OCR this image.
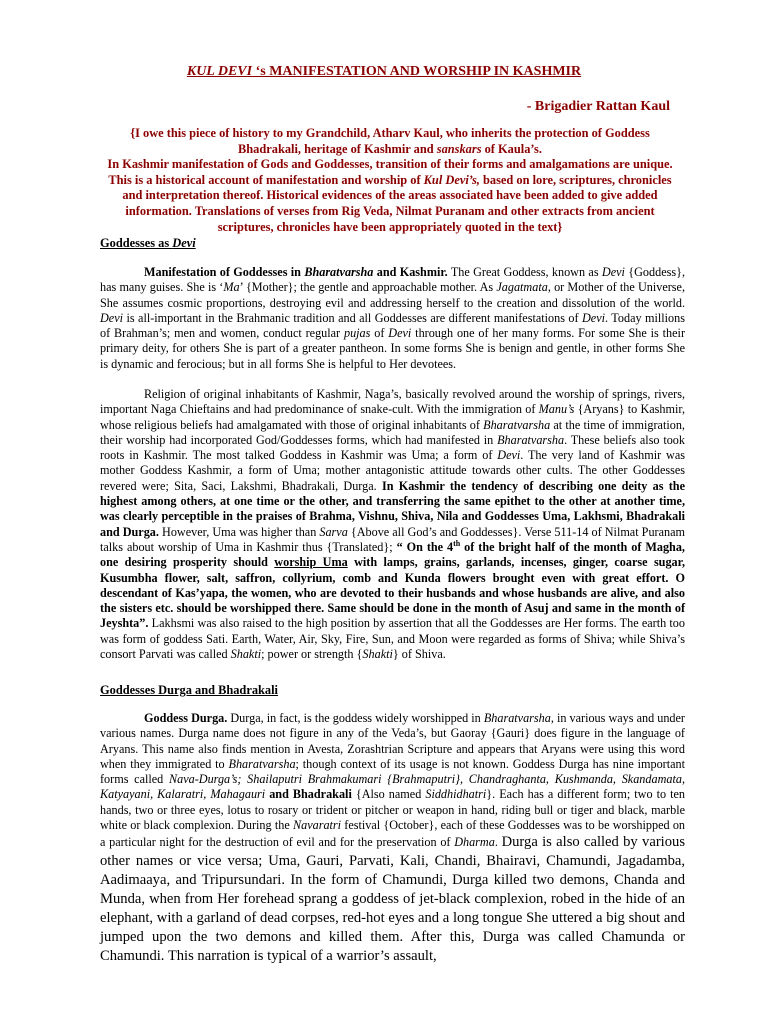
KUL DEVI ‘s MANIFESTATION AND WORSHIP IN KASHMIR
- Brigadier Rattan Kaul
{I owe this piece of history to my Grandchild, Atharv Kaul, who inherits the protection of Goddess Bhadrakali, heritage of Kashmir and sanskars of Kaula’s.
In Kashmir manifestation of Gods and Goddesses, transition of their forms and amalgamations are unique. This is a historical account of manifestation and worship of Kul Devi’s, based on lore, scriptures, chronicles and interpretation thereof. Historical evidences of the areas associated have been added to give added information. Translations of verses from Rig Veda, Nilmat Puranam and other extracts from ancient scriptures, chronicles have been appropriately quoted in the text}
Goddesses as Devi

Manifestation of Goddesses in Bharatvarsha and Kashmir. The Great Goddess, known as Devi {Goddess}, has many guises. She is ‘Ma’ {Mother}; the gentle and approachable mother. As Jagatmata, or Mother of the Universe, She assumes cosmic proportions, destroying evil and addressing herself to the creation and dissolution of the world. Devi is all-important in the Brahmanic tradition and all Goddesses are different manifestations of Devi. Today millions of Brahman’s; men and women, conduct regular pujas of Devi through one of her many forms. For some She is their primary deity, for others She is part of a greater pantheon. In some forms She is benign and gentle, in other forms She is dynamic and ferocious; but in all forms She is helpful to Her devotees.

Religion of original inhabitants of Kashmir, Naga’s, basically revolved around the worship of springs, rivers, important Naga Chieftains and had predominance of snake-cult. With the immigration of Manu’s {Aryans} to Kashmir, whose religious beliefs had amalgamated with those of original inhabitants of Bharatvarsha at the time of immigration, their worship had incorporated God/Goddesses forms, which had manifested in Bharatvarsha. These beliefs also took roots in Kashmir. The most talked Goddess in Kashmir was Uma; a form of Devi. The very land of Kashmir was mother Goddess Kashmir, a form of Uma; mother antagonistic attitude towards other cults. The other Goddesses revered were; Sita, Saci, Lakshmi, Bhadrakali, Durga. In Kashmir the tendency of describing one deity as the highest among others, at one time or the other, and transferring the same epithet to the other at another time, was clearly perceptible in the praises of Brahma, Vishnu, Shiva, Nila and Goddesses Uma, Lakhsmi, Bhadrakali and Durga. However, Uma was higher than Sarva {Above all God’s and Goddesses}. Verse 511-14 of Nilmat Puranam talks about worship of Uma in Kashmir thus {Translated}; “ On the 4th of the bright half of the month of Magha, one desiring prosperity should worship Uma with lamps, grains, garlands, incenses, ginger, coarse sugar, Kusumbha flower, salt, saffron, collyrium, comb and Kunda flowers brought even with great effort. O descendant of Kas’yapa, the women, who are devoted to their husbands and whose husbands are alive, and also the sisters etc. should be worshipped there. Same should be done in the month of Asuj and same in the month of Jeyshta”. Lakhsmi was also raised to the high position by assertion that all the Goddesses are Her forms. The earth too was form of goddess Sati. Earth, Water, Air, Sky, Fire, Sun, and Moon were regarded as forms of Shiva; while Shiva’s consort Parvati was called Shakti; power or strength {Shakti} of Shiva.

Goddesses Durga and Bhadrakali

Goddess Durga. Durga, in fact, is the goddess widely worshipped in Bharatvarsha, in various ways and under various names. Durga name does not figure in any of the Veda’s, but Gaoray {Gauri} does figure in the language of Aryans. This name also finds mention in Avesta, Zorashtrian Scripture and appears that Aryans were using this word when they immigrated to Bharatvarsha; though context of its usage is not known. Goddess Durga has nine important forms called Nava-Durga’s; Shailaputri Brahmakumari {Brahmaputri}, Chandraghanta, Kushmanda, Skandamata, Katyayani, Kalaratri, Mahagauri and Bhadrakali {Also named Siddhidhatri}. Each has a different form; two to ten hands, two or three eyes, lotus to rosary or trident or pitcher or weapon in hand, riding bull or tiger and black, marble white or black complexion. During the Navaratri festival {October}, each of these Goddesses was to be worshipped on a particular night for the destruction of evil and for the preservation of Dharma. Durga is also called by various other names or vice versa; Uma, Gauri, Parvati, Kali, Chandi, Bhairavi, Chamundi, Jagadamba, Aadimaaya, and Tripursundari. In the form of Chamundi, Durga killed two demons, Chanda and Munda, when from Her forehead sprang a goddess of jet-black complexion, robed in the hide of an elephant, with a garland of dead corpses, red-hot eyes and a long tongue She uttered a big shout and jumped upon the two demons and killed them. After this, Durga was called Chamunda or Chamundi. This narration is typical of a warrior’s assault,
